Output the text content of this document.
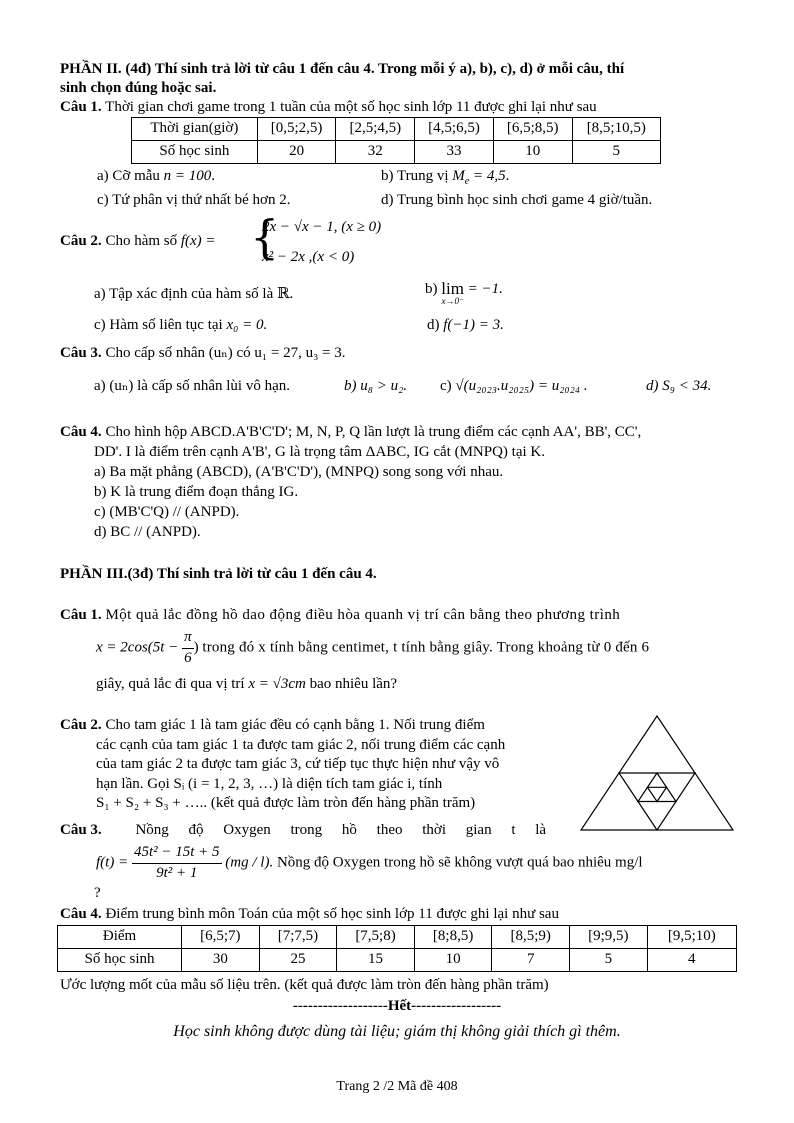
PHẦN II. (4đ) Thí sinh trả lời từ câu 1 đến câu 4. Trong mỗi ý a), b), c), d) ở mỗi câu, thí
sinh chọn đúng hoặc sai.
Câu 1. Thời gian chơi game trong 1 tuần của một số học sinh lớp 11 được ghi lại như sau
Thời gian(giờ)	[0,5;2,5)	[2,5;4,5)	[4,5;6,5)	[6,5;8,5)	[8,5;10,5)
Số học sinh	20	32	33	10	5
a) Cỡ mẫu n = 100.	b) Trung vị $M_e = 4,5$.
c) Tứ phân vị thứ nhất bé hơn 2.	d) Trung bình học sinh chơi game 4 giờ/tuần.
Câu 2. Cho hàm số f(x) = {
2x − √x − 1, (x ≥ 0)
x² − 2x ,(x < 0)
a) Tập xác định của hàm số là ℝ.	b) lim
x→0⁻
= −1.
c) Hàm số liên tục tại x₀ = 0.	d) f(−1) = 3.
Câu 3. Cho cấp số nhân (uₙ) có u₁ = 27, u₃ = 3.
a) (uₙ) là cấp số nhân lùi vô hạn.	b) u₈ > u₂. c) √(u₂₀₂₃.u₂₀₂₅) = u₂₀₂₄ .	d) S₉ < 34.
Câu 4. Cho hình hộp ABCD.A'B'C'D'; M, N, P, Q lần lượt là trung điểm các cạnh AA', BB', CC',
DD'. I là điểm trên cạnh A'B', G là trọng tâm ΔABC, IG cắt (MNPQ) tại K.
a) Ba mặt phẳng (ABCD), (A'B'C'D'), (MNPQ) song song với nhau.
b) K là trung điểm đoạn thẳng IG.
c) (MB'C'Q) // (ANPD).
d) BC // (ANPD).
PHẦN III.(3đ) Thí sinh trả lời từ câu 1 đến câu 4.
Câu 1. Một quả lắc đồng hồ dao động điều hòa quanh vị trí cân bằng theo phương trình
$x = 2\cos(5t - \frac{\pi}{6}$ ) trong đó x tính bằng centimet, t tính bằng giây. Trong khoảng từ 0 đến 6
giây, quả lắc đi qua vị trí x = √3cm bao nhiêu lần?
Câu 2. Cho tam giác 1 là tam giác đều có cạnh bằng 1. Nối trung điểm
các cạnh của tam giác 1 ta được tam giác 2, nối trung điểm các cạnh
của tam giác 2 ta được tam giác 3, cứ tiếp tục thực hiện như vậy vô
hạn lần. Gọi Sᵢ (i = 1, 2, 3, …) là diện tích tam giác i, tính
S₁ + S₂ + S₃ + ….. (kết quả được làm tròn đến hàng phần trăm)
Câu 3. Nồng độ Oxygen trong hồ theo thời gian t là
$f(t) = \frac{\text{45t² − 15t + 5}}{\text{9t² + 1}} (mg / l)$. Nồng độ Oxygen trong hồ sẽ không vượt quá bao nhiêu mg/l
?
Câu 4. Điểm trung bình môn Toán của một số học sinh lớp 11 được ghi lại như sau
Điểm	[6,5;7)	[7;7,5)	[7,5;8)	[8;8,5)	[8,5;9)	[9;9,5)	[9,5;10)
Số học sinh	30	25	15	10	7	5	4
Ước lượng mốt của mẫu số liệu trên. (kết quả được làm tròn đến hàng phần trăm)
-------------------Hết------------------
Học sinh không được dùng tài liệu; giám thị không giải thích gì thêm.
Trang 2 /2 Mã đề 408
